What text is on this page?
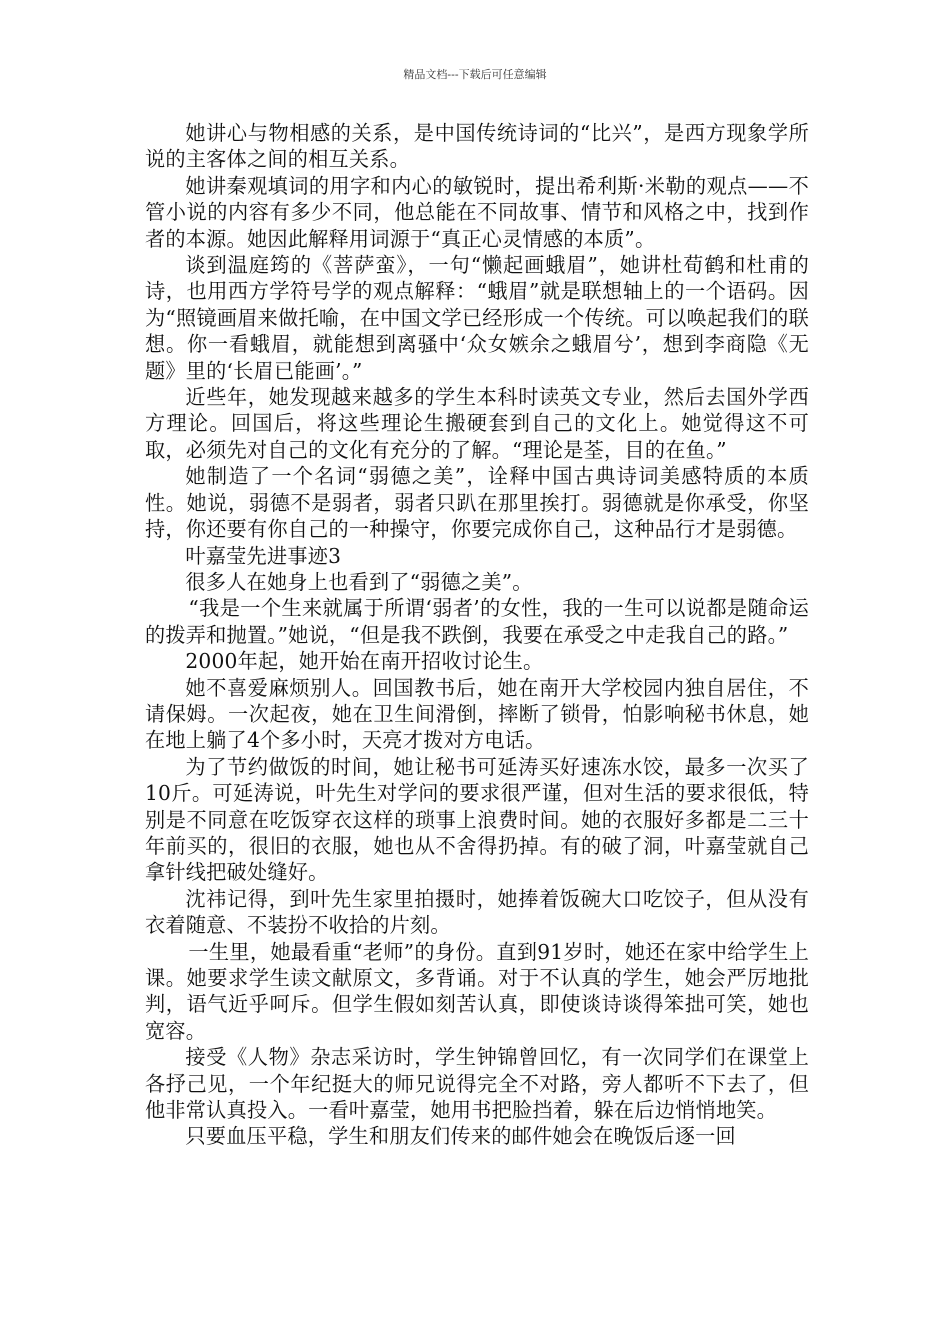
精品文档---下载后可任意编辑

她讲心与物相感的关系，是中国传统诗词的“比兴”，是西方现象学所说的主客体之间的相互关系。

她讲秦观填词的用字和内心的敏锐时，提出希利斯·米勒的观点——不管小说的内容有多少不同，他总能在不同故事、情节和风格之中，找到作者的本源。她因此解释用词源于“真正心灵情感的本质”。

谈到温庭筠的《菩萨蛮》，一句“懒起画蛾眉”，她讲杜荀鹤和杜甫的诗，也用西方学符号学的观点解释：“蛾眉”就是联想轴上的一个语码。因为“照镜画眉来做托喻，在中国文学已经形成一个传统。可以唤起我们的联想。你一看蛾眉，就能想到离骚中‘众女嫉余之蛾眉兮’，想到李商隐《无题》里的‘长眉已能画’。”

近些年，她发现越来越多的学生本科时读英文专业，然后去国外学西方理论。回国后，将这些理论生搬硬套到自己的文化上。她觉得这不可取，必须先对自己的文化有充分的了解。“理论是荃，目的在鱼。”

她制造了一个名词“弱德之美”，诠释中国古典诗词美感特质的本质性。她说，弱德不是弱者，弱者只趴在那里挨打。弱德就是你承受，你坚持，你还要有你自己的一种操守，你要完成你自己，这种品行才是弱德。

叶嘉莹先进事迹3

很多人在她身上也看到了“弱德之美”。

“我是一个生来就属于所谓‘弱者’的女性，我的一生可以说都是随命运的拨弄和抛置。”她说，“但是我不跌倒，我要在承受之中走我自己的路。”

2000年起，她开始在南开招收讨论生。

她不喜爱麻烦别人。回国教书后，她在南开大学校园内独自居住，不请保姆。一次起夜，她在卫生间滑倒，摔断了锁骨，怕影响秘书休息，她在地上躺了4个多小时，天亮才拨对方电话。

为了节约做饭的时间，她让秘书可延涛买好速冻水饺，最多一次买了10斤。可延涛说，叶先生对学问的要求很严谨，但对生活的要求很低，特别是不同意在吃饭穿衣这样的琐事上浪费时间。她的衣服好多都是二三十年前买的，很旧的衣服，她也从不舍得扔掉。有的破了洞，叶嘉莹就自己拿针线把破处缝好。

沈祎记得，到叶先生家里拍摄时，她捧着饭碗大口吃饺子，但从没有衣着随意、不装扮不收拾的片刻。

一生里，她最看重“老师”的身份。直到91岁时，她还在家中给学生上课。她要求学生读文献原文，多背诵。对于不认真的学生，她会严厉地批判，语气近乎呵斥。但学生假如刻苦认真，即使谈诗谈得笨拙可笑，她也宽容。

接受《人物》杂志采访时，学生钟锦曾回忆，有一次同学们在课堂上各抒己见，一个年纪挺大的师兄说得完全不对路，旁人都听不下去了，但他非常认真投入。一看叶嘉莹，她用书把脸挡着，躲在后边悄悄地笑。

只要血压平稳，学生和朋友们传来的邮件她会在晚饭后逐一回
